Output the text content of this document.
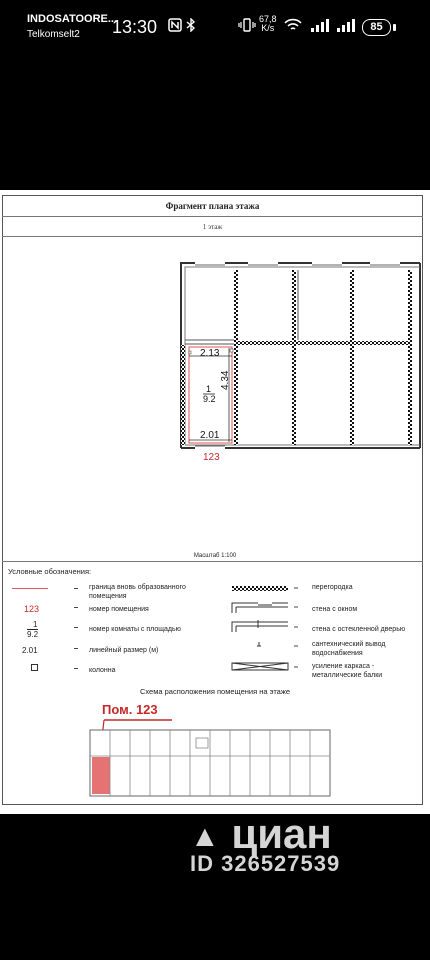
INDOSATOORE...
Telkomselt2 13:30	67,8
K/s	85
Фрагмент плана этажа
1 этаж
2.13
2.01
4.34
1
9.2
123
Масштаб 1:100
Условные обозначения:
123
1
9.2
2.01
граница вновь образованного помещения
номер помещения
номер комнаты с площадью
линейный размер (м)
колонна
перегородка
стена с окном
стена с остекленной дверью
сантехнический вывод водоснабжения
усиление каркаса - металлические балки
Схема расположения помещения на этаже
Пом. 123
▲ циан
ID 326527539
